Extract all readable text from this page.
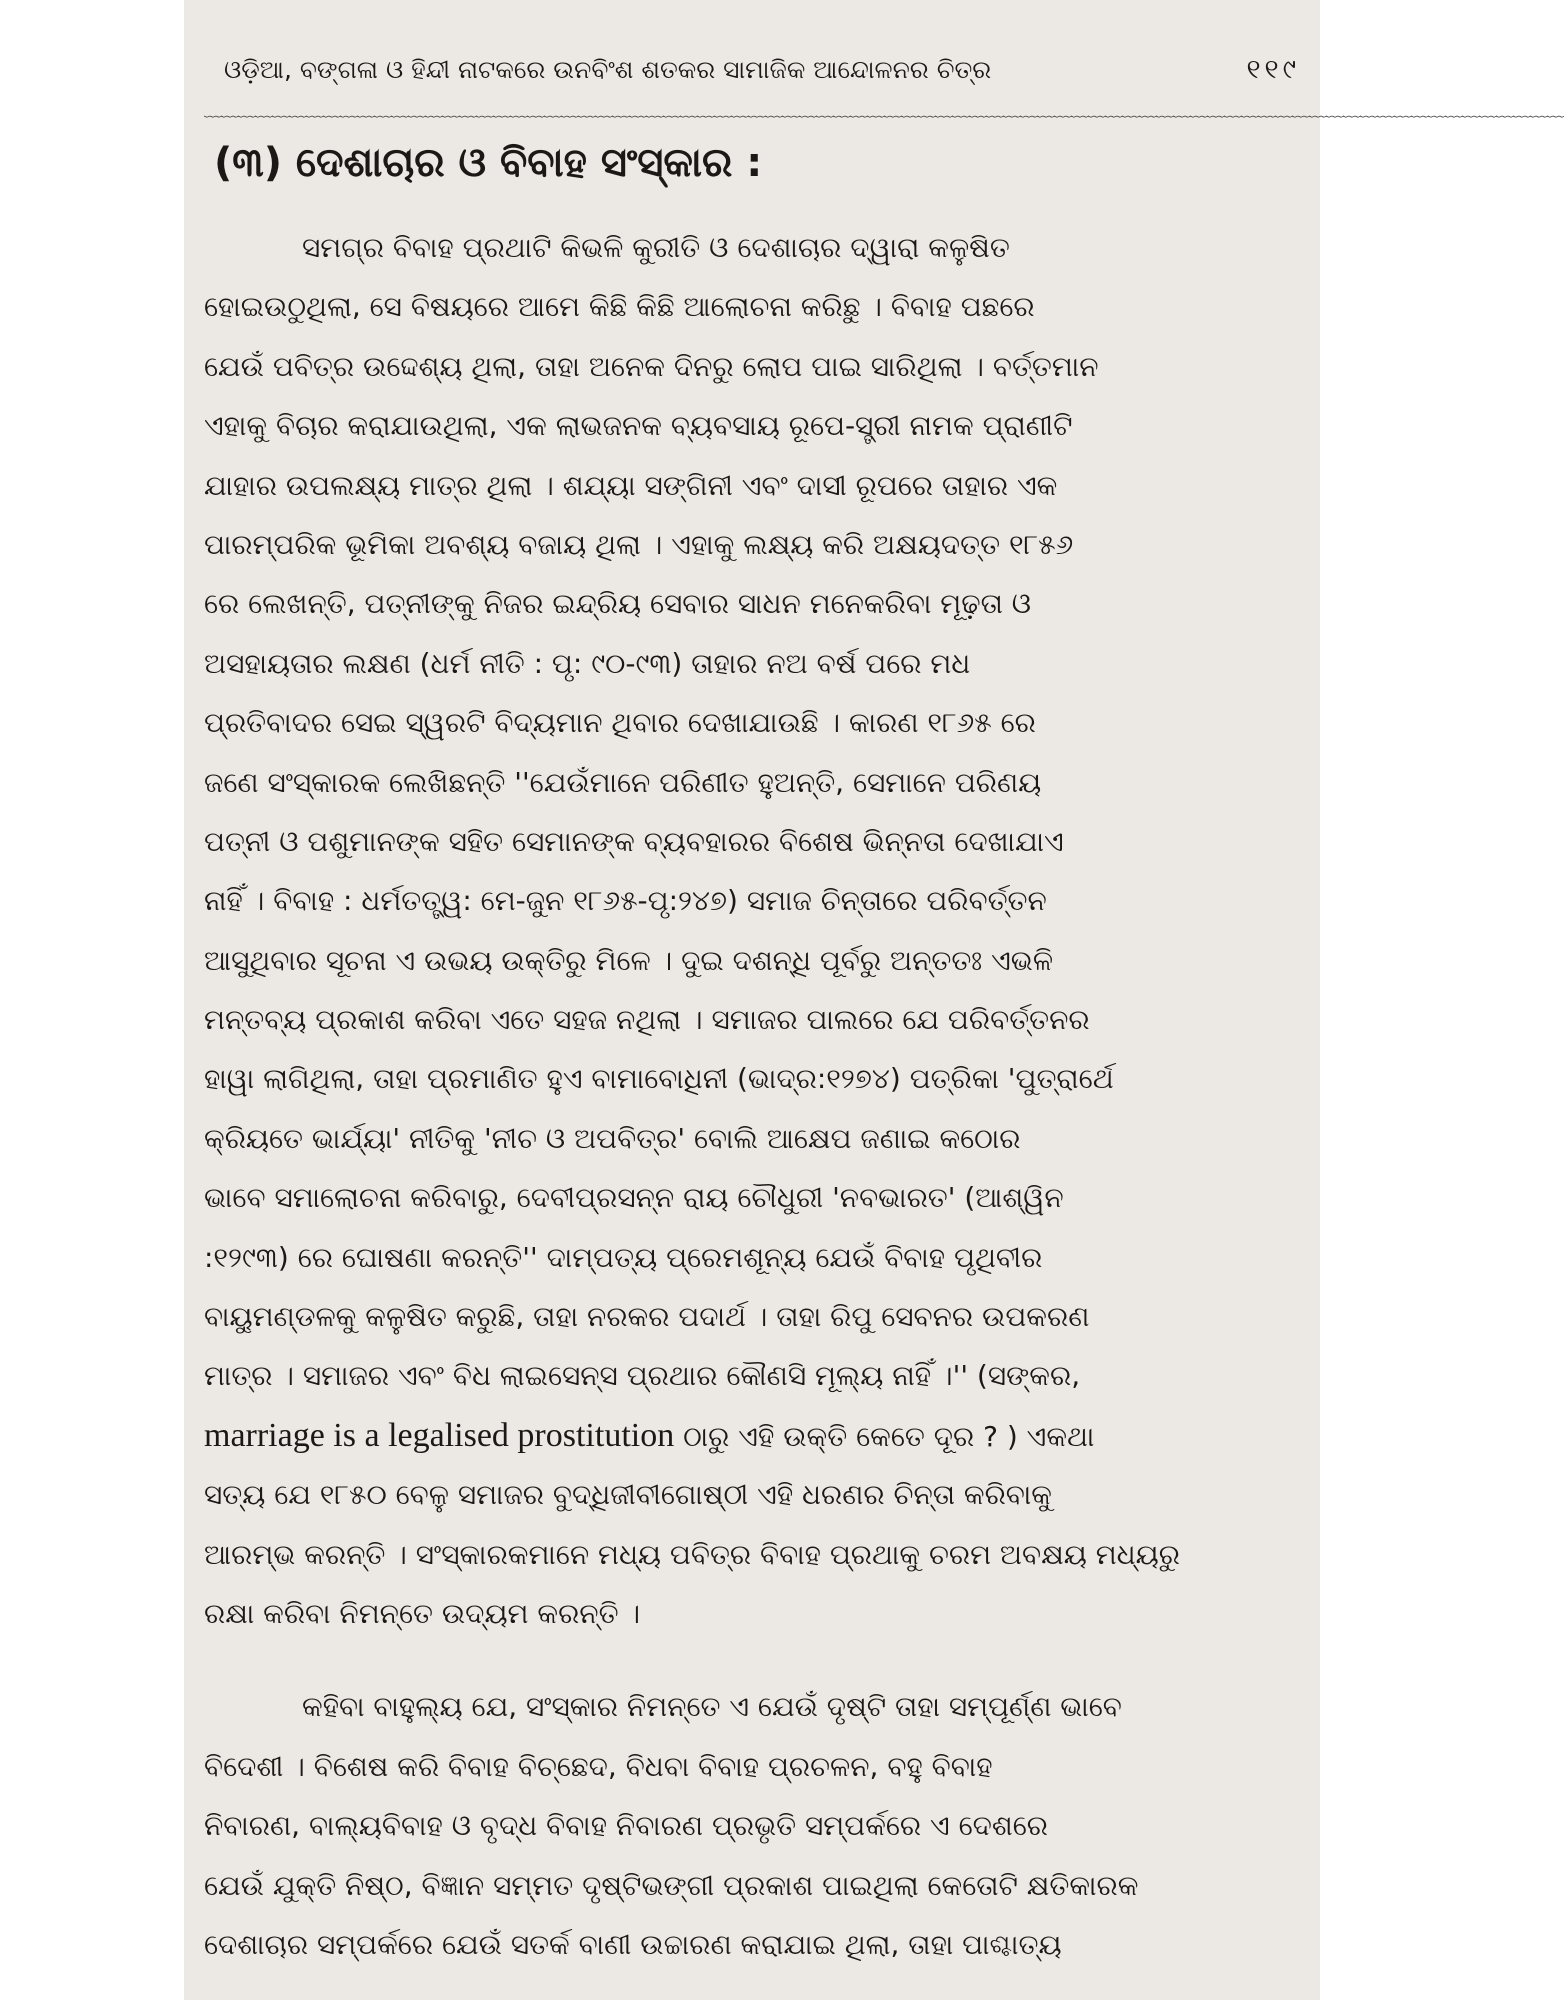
ଓଡ଼ିଆ, ବଙ୍ଗଳା ଓ ହିନ୍ଦୀ ନାଟକରେ ଉନବିଂଶ ଶତକର ସାମାଜିକ ଆନ୍ଦୋଳନର ଚିତ୍ର	୧୧୯
﹏﹏﹏﹏﹏﹏﹏﹏﹏﹏﹏﹏﹏﹏﹏﹏﹏﹏﹏﹏﹏﹏﹏﹏﹏﹏﹏﹏﹏﹏﹏﹏﹏﹏﹏﹏﹏﹏﹏﹏﹏﹏﹏﹏﹏﹏﹏﹏﹏﹏﹏﹏﹏﹏﹏﹏﹏﹏﹏﹏﹏﹏﹏﹏﹏﹏﹏﹏﹏﹏﹏﹏﹏﹏﹏﹏﹏﹏﹏﹏
(୩) ଦେଶାଚାର ଓ ବିବାହ ସଂସ୍କାର :
ସମଗ୍ର ବିବାହ ପ୍ରଥାଟି କିଭଳି କୁରୀତି ଓ ଦେଶାଚାର ଦ୍ୱାରା କଳୁଷିତ
ହୋଇଉଠୁଥିଲା, ସେ ବିଷୟରେ ଆମେ କିଛି କିଛି ଆଲୋଚନା କରିଛୁ । ବିବାହ ପଛରେ
ଯେଉଁ ପବିତ୍ର ଉଦ୍ଦେଶ୍ୟ ଥିଲା, ତାହା ଅନେକ ଦିନରୁ ଲୋପ ପାଇ ସାରିଥିଲା । ବର୍ତ୍ତମାନ
ଏହାକୁ ବିଚାର କରାଯାଉଥିଲା, ଏକ ଲାଭଜନକ ବ୍ୟବସାୟ ରୂପେ-ସ୍ତ୍ରୀ ନାମକ ପ୍ରାଣୀଟି
ଯାହାର ଉପଲକ୍ଷ୍ୟ ମାତ୍ର ଥିଲା । ଶଯ୍ୟା ସଙ୍ଗିନୀ ଏବଂ ଦାସୀ ରୂପରେ ତାହାର ଏକ
ପାରମ୍ପରିକ ଭୂମିକା ଅବଶ୍ୟ ବଜାୟ ଥିଲା । ଏହାକୁ ଲକ୍ଷ୍ୟ କରି ଅକ୍ଷୟଦତ୍ତ ୧୮୫୬
ରେ ଲେଖନ୍ତି, ପତ୍ନୀଙ୍କୁ ନିଜର ଇନ୍ଦ୍ରିୟ ସେବାର ସାଧନ ମନେକରିବା ମୂଢ଼ତା ଓ
ଅସହାୟତାର ଲକ୍ଷଣ (ଧର୍ମ ନୀତି : ପୃ: ୯୦-୯୩) ତାହାର ନଅ ବର୍ଷ ପରେ ମଧ
ପ୍ରତିବାଦର ସେଇ ସ୍ୱରଟି ବିଦ୍ୟମାନ ଥିବାର ଦେଖାଯାଉଛି । କାରଣ ୧୮୬୫ ରେ
ଜଣେ ସଂସ୍କାରକ ଲେଖିଛନ୍ତି ''ଯେଉଁମାନେ ପରିଣୀତ ହୁଅନ୍ତି, ସେମାନେ ପରିଣୟ
ପତ୍ନୀ ଓ ପଶୁମାନଙ୍କ ସହିତ ସେମାନଙ୍କ ବ୍ୟବହାରର ବିଶେଷ ଭିନ୍ନତା ଦେଖାଯାଏ
ନାହିଁ । ବିବାହ : ଧର୍ମତତ୍ତ୍ୱ: ମେ-ଜୁନ ୧୮୬୫-ପୃ:୨୪୭) ସମାଜ ଚିନ୍ତାରେ ପରିବର୍ତ୍ତନ
ଆସୁଥିବାର ସୂଚନା ଏ ଉଭୟ ଉକ୍ତିରୁ ମିଳେ । ଦୁଇ ଦଶନ୍ଧି ପୂର୍ବରୁ ଅନ୍ତତଃ ଏଭଳି
ମନ୍ତବ୍ୟ ପ୍ରକାଶ କରିବା ଏତେ ସହଜ ନଥିଲା । ସମାଜର ପାଲରେ ଯେ ପରିବର୍ତ୍ତନର
ହାୱା ଲାଗିଥିଲା, ତାହା ପ୍ରମାଣିତ ହୁଏ ବାମାବୋଧିନୀ (ଭାଦ୍ର:୧୨୭୪) ପତ୍ରିକା 'ପୁତ୍ରାର୍ଥେ
କ୍ରିୟତେ ଭାର୍ଯ୍ୟା' ନୀତିକୁ 'ନୀଚ ଓ ଅପବିତ୍ର' ବୋଲି ଆକ୍ଷେପ ଜଣାଇ କଠୋର
ଭାବେ ସମାଲୋଚନା କରିବାରୁ, ଦେବୀପ୍ରସନ୍ନ ରାୟ ଚୌଧୁରୀ 'ନବଭାରତ' (ଆଶ୍ୱିନ
:୧୨୯୩) ରେ ଘୋଷଣା କରନ୍ତି'' ଦାମ୍ପତ୍ୟ ପ୍ରେମଶୂନ୍ୟ ଯେଉଁ ବିବାହ ପୃଥିବୀର
ବାୟୁମଣ୍ଡଳକୁ କଳୁଷିତ କରୁଛି, ତାହା ନରକର ପଦାର୍ଥ । ତାହା ରିପୁ ସେବନର ଉପକରଣ
ମାତ୍ର । ସମାଜର ଏବଂ ବିଧ ଲାଇସେନ୍ସ ପ୍ରଥାର କୌଣସି ମୂଲ୍ୟ ନାହିଁ ।'' (ସଙ୍କର,
marriage is a legalised prostitution ଠାରୁ ଏହି ଉକ୍ତି କେତେ ଦୂର ? ) ଏକଥା
ସତ୍ୟ ଯେ ୧୮୫୦ ବେଳୁ ସମାଜର ବୁଦ୍ଧିଜୀବୀଗୋଷ୍ଠୀ ଏହି ଧରଣର ଚିନ୍ତା କରିବାକୁ
ଆରମ୍ଭ କରନ୍ତି । ସଂସ୍କାରକମାନେ ମଧ୍ୟ ପବିତ୍ର ବିବାହ ପ୍ରଥାକୁ ଚରମ ଅବକ୍ଷୟ ମଧ୍ୟରୁ
ରକ୍ଷା କରିବା ନିମନ୍ତେ ଉଦ୍ୟମ କରନ୍ତି ।
କହିବା ବାହୁଲ୍ୟ ଯେ, ସଂସ୍କାର ନିମନ୍ତେ ଏ ଯେଉଁ ଦୃଷ୍ଟି ତାହା ସମ୍ପୂର୍ଣ୍ଣ ଭାବେ
ବିଦେଶୀ । ବିଶେଷ କରି ବିବାହ ବିଚ୍ଛେଦ, ବିଧବା ବିବାହ ପ୍ରଚଳନ, ବହୁ ବିବାହ
ନିବାରଣ, ବାଲ୍ୟବିବାହ ଓ ବୃଦ୍ଧ ବିବାହ ନିବାରଣ ପ୍ରଭୃତି ସମ୍ପର୍କରେ ଏ ଦେଶରେ
ଯେଉଁ ଯୁକ୍ତି ନିଷ୍ଠ, ବିଜ୍ଞାନ ସମ୍ମତ ଦୃଷ୍ଟିଭଙ୍ଗୀ ପ୍ରକାଶ ପାଇଥିଲା କେତୋଟି କ୍ଷତିକାରକ
ଦେଶାଚାର ସମ୍ପର୍କରେ ଯେଉଁ ସତର୍କ ବାଣୀ ଉଚ୍ଚାରଣ କରାଯାଇ ଥିଲା, ତାହା ପାଶ୍ଚାତ୍ୟ
